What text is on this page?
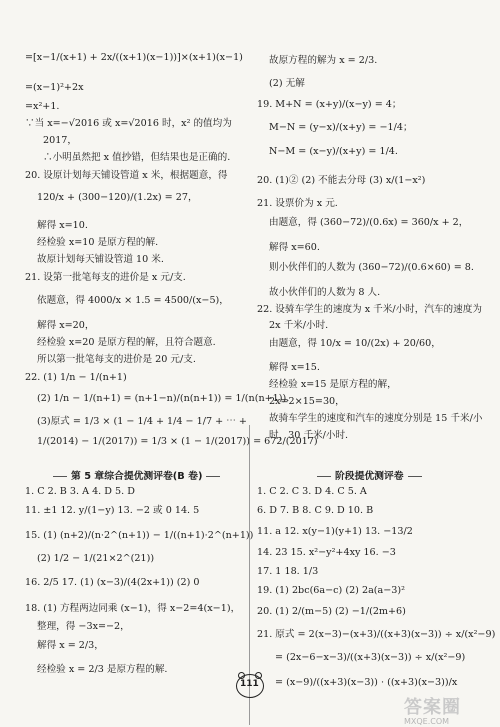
=[x−1/(x+1) + 2x/((x+1)(x−1))]×(x+1)(x−1)
=(x−1)²+2x
=x²+1.
∵当 x=−√2016 或 x=√2016 时，x² 的值均为
2017，
∴小明虽然把 x 值抄错，但结果也是正确的.
20. 设原计划每天铺设管道 x 米，根据题意，得
120/x + (300−120)/(1.2x) = 27，
解得 x=10.
经检验 x=10 是原方程的解.
故原计划每天铺设管道 10 米.
21. 设第一批笔每支的进价是 x 元/支.
依题意，得 4000/x × 1.5 = 4500/(x−5)，
解得 x=20，
经检验 x=20 是原方程的解，且符合题意.
所以第一批笔每支的进价是 20 元/支.
22. (1) 1/n − 1/(n+1)
(2) 1/n − 1/(n+1) = (n+1−n)/(n(n+1)) = 1/(n(n+1)).
(3)原式 = 1/3 × (1 − 1/4 + 1/4 − 1/7 + ⋯ +
1/(2014) − 1/(2017)) = 1/3 × (1 − 1/(2017)) = 672/(2017)
第 5 章综合提优测评卷(B 卷)
1. C 2. B 3. A 4. D 5. D
11. ±1 12. y/(1−y) 13. −2 或 0 14. 5
15. (1) (n+2)/(n·2^(n+1)) − 1/((n+1)·2^(n+1))
(2) 1/2 − 1/(21×2^(21))
16. 2/5 17. (1) (x−3)/(4(2x+1)) (2) 0
18. (1) 方程两边同乘 (x−1)，得 x−2=4(x−1)，
整理，得 −3x=−2，
解得 x = 2/3，
经检验 x = 2/3 是原方程的解.
故原方程的解为 x = 2/3.
(2) 无解
19. M+N = (x+y)/(x−y) = 4；
M−N = (y−x)/(x+y) = −1/4；
N−M = (x−y)/(x+y) = 1/4.
20. (1)② (2) 不能去分母 (3) x/(1−x²)
21. 设票价为 x 元.
由题意，得 (360−72)/(0.6x) = 360/x + 2，
解得 x=60.
则小伙伴们的人数为 (360−72)/(0.6×60) = 8.
故小伙伴们的人数为 8 人.
22. 设骑车学生的速度为 x 千米/小时，汽车的速度为
2x 千米/小时.
由题意，得 10/x = 10/(2x) + 20/60，
解得 x=15.
经检验 x=15 是原方程的解，
2x=2×15=30，
故骑车学生的速度和汽车的速度分别是 15 千米/小
时，30 千米/小时.
阶段提优测评卷
1. C 2. C 3. D 4. C 5. A
6. D 7. B 8. C 9. D 10. B
11. a 12. x(y−1)(y+1) 13. −13/2
14. 23 15. x²−y²+4xy 16. −3
17. 1 18. 1/3
19. (1) 2bc(6a−c) (2) 2a(a−3)²
20. (1) 2/(m−5) (2) −1/(2m+6)
21. 原式 = 2(x−3)−(x+3)/((x+3)(x−3)) ÷ x/(x²−9)
= (2x−6−x−3)/((x+3)(x−3)) ÷ x/(x²−9)
= (x−9)/((x+3)(x−3)) · ((x+3)(x−3))/x
111
答案圈
MXQE.COM
